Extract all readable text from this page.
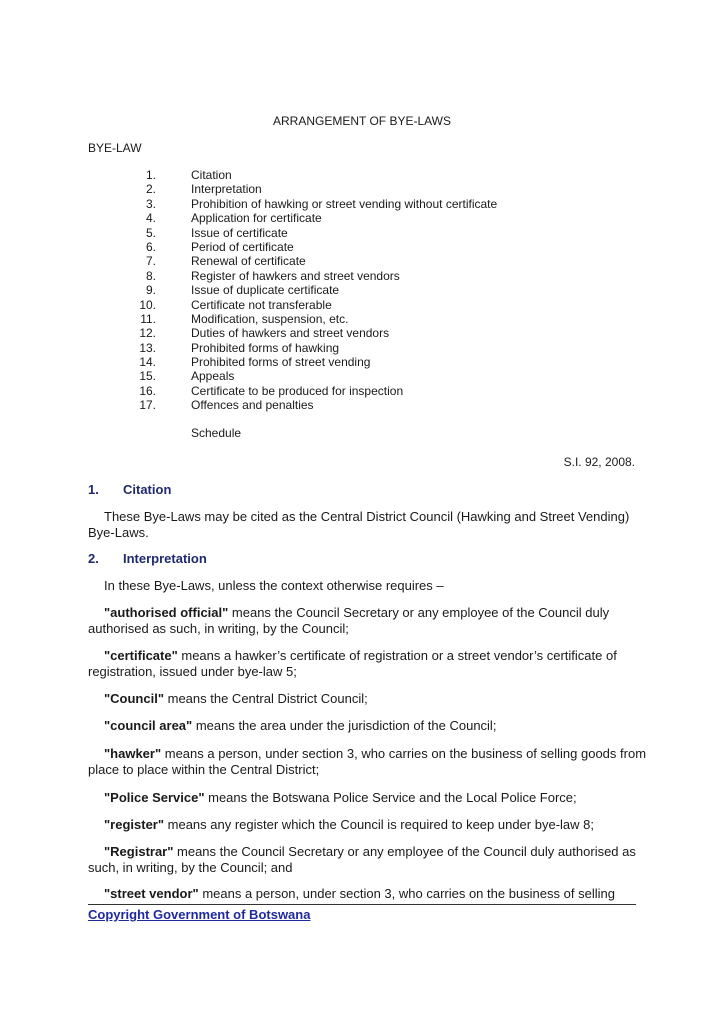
ARRANGEMENT OF BYE-LAWS
BYE-LAW
1.	Citation
2.	Interpretation
3.	Prohibition of hawking or street vending without certificate
4.	Application for certificate
5.	Issue of certificate
6.	Period of certificate
7.	Renewal of certificate
8.	Register of hawkers and street vendors
9.	Issue of duplicate certificate
10.	Certificate not transferable
11.	Modification, suspension, etc.
12.	Duties of hawkers and street vendors
13.	Prohibited forms of hawking
14.	Prohibited forms of street vending
15.	Appeals
16.	Certificate to be produced for inspection
17.	Offences and penalties
Schedule
S.I. 92, 2008.
1. Citation
These Bye-Laws may be cited as the Central District Council (Hawking and Street Vending) Bye-Laws.
2. Interpretation
In these Bye-Laws, unless the context otherwise requires –
"authorised official" means the Council Secretary or any employee of the Council duly authorised as such, in writing, by the Council;
"certificate" means a hawker’s certificate of registration or a street vendor’s certificate of registration, issued under bye-law 5;
"Council" means the Central District Council;
"council area" means the area under the jurisdiction of the Council;
"hawker" means a person, under section 3, who carries on the business of selling goods from place to place within the Central District;
"Police Service" means the Botswana Police Service and the Local Police Force;
"register" means any register which the Council is required to keep under bye-law 8;
"Registrar" means the Council Secretary or any employee of the Council duly authorised as such, in writing, by the Council; and
"street vendor" means a person, under section 3, who carries on the business of selling
Copyright Government of Botswana
